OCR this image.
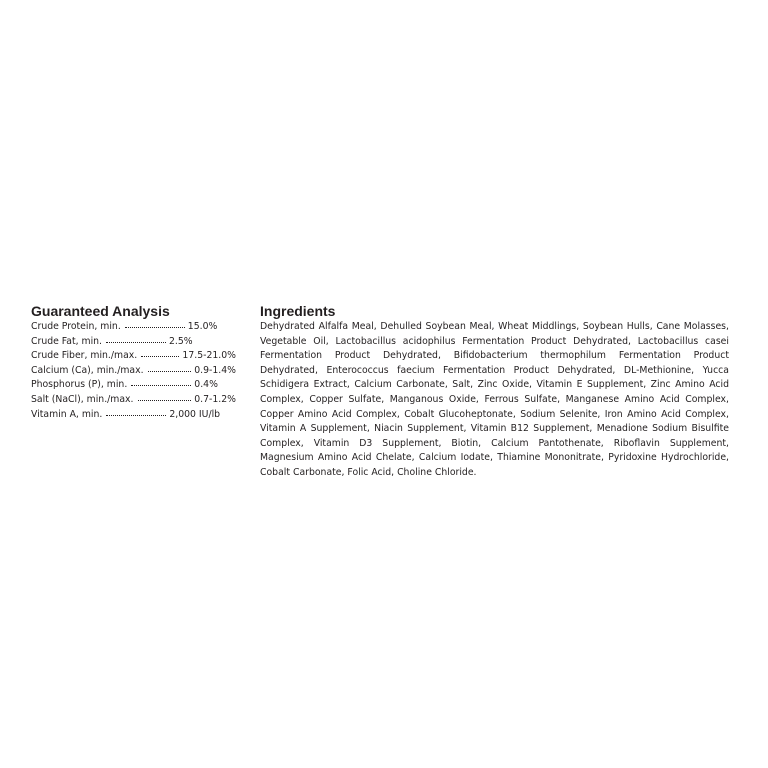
Guaranteed Analysis
Crude Protein, min.	15.0%
Crude Fat, min.	2.5%
Crude Fiber, min./max.	17.5-21.0%
Calcium (Ca), min./max.	0.9-1.4%
Phosphorus (P), min.	0.4%
Salt (NaCl), min./max.	0.7-1.2%
Vitamin A, min.	2,000 IU/lb
Ingredients

Dehydrated Alfalfa Meal, Dehulled Soybean Meal, Wheat Middlings, Soybean Hulls, Cane Molasses, Vegetable Oil, Lactobacillus acidophilus Fermentation Product Dehydrated, Lactobacillus casei Fermentation Product Dehydrated, Bifidobacterium thermophilum Fermentation Product Dehydrated, Enterococcus faecium Fermentation Product Dehydrated, DL-Methionine, Yucca Schidigera Extract, Calcium Carbonate, Salt, Zinc Oxide, Vitamin E Supplement, Zinc Amino Acid Complex, Copper Sulfate, Manganous Oxide, Ferrous Sulfate, Manganese Amino Acid Complex, Copper Amino Acid Complex, Cobalt Glucoheptonate, Sodium Selenite, Iron Amino Acid Complex, Vitamin A Supplement, Niacin Supplement, Vitamin B12 Supplement, Menadione Sodium Bisulfite Complex, Vitamin D3 Supplement, Biotin, Calcium Pantothenate, Riboflavin Supplement, Magnesium Amino Acid Chelate, Calcium Iodate, Thiamine Mononitrate, Pyridoxine Hydrochloride, Cobalt Carbonate, Folic Acid, Choline Chloride.
